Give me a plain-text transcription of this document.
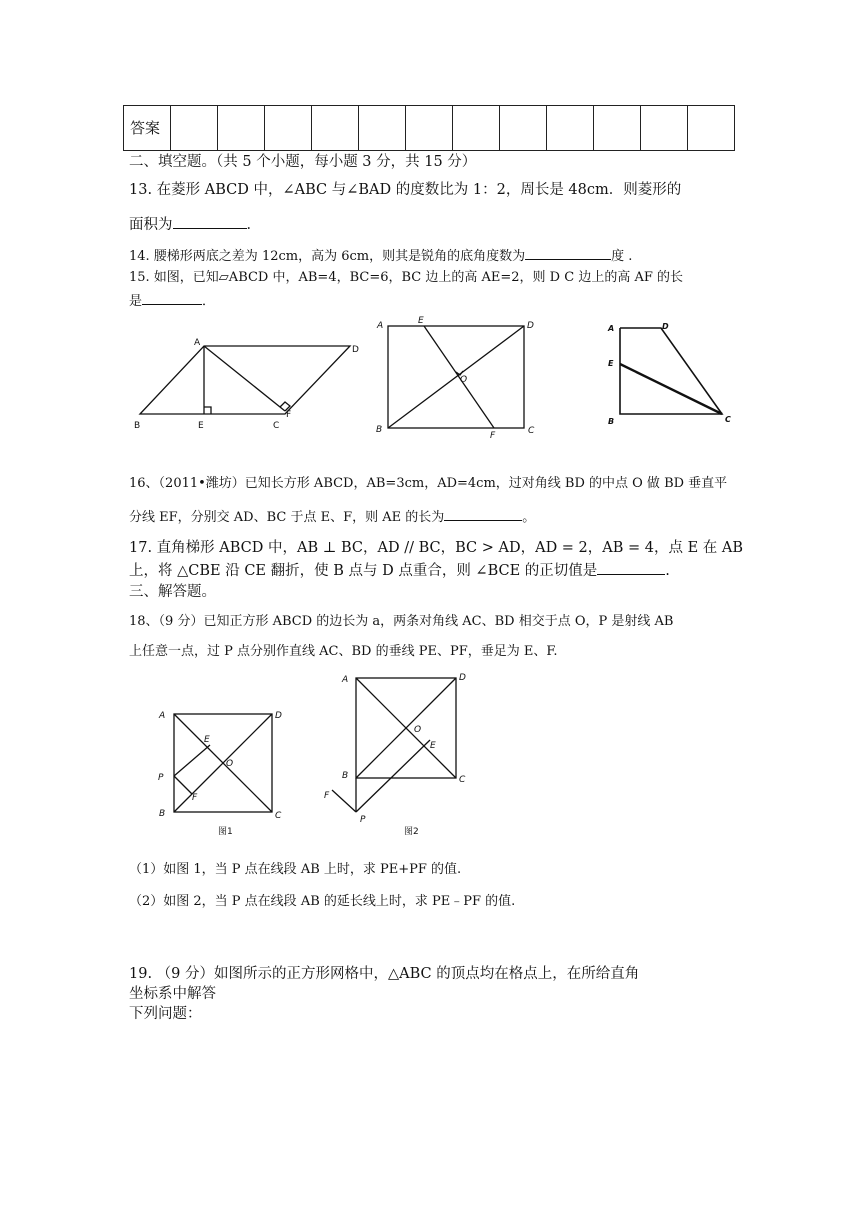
答案												
二、填空题。（共 5 个小题，每小题 3 分，共 15 分）
13. 在菱形 ABCD 中，∠ABC 与∠BAD 的度数比为 1：2，周长是 48cm．则菱形的
面积为	．
14. 腰梯形两底之差为 12cm，高为 6cm，则其是锐角的底角度数为	度 .
15. 如图，已知▱ABCD 中，AB=4，BC=6，BC 边上的高 AE=2，则 D C 边上的高 AF 的长
是	．
A
D
B	E	C
F
A	E	D
O
B
F	C
A	D
E
B	C
16、（2011•潍坊）已知长方形 ABCD，AB=3cm，AD=4cm，过对角线 BD 的中点 O 做 BD 垂直平
分线 EF，分别交 AD、BC 于点 E、F，则 AE 的长为	。
17. 直角梯形 ABCD 中，AB ⊥ BC，AD // BC，BC > AD，AD = 2，AB = 4，点 E 在 AB
上，将 △CBE 沿 CE 翻折，使 B 点与 D 点重合，则 ∠BCE 的正切值是	.
三、解答题。
18、（9 分）已知正方形 ABCD 的边长为 a，两条对角线 AC、BD 相交于点 O，P 是射线 AB
上任意一点，过 P 点分别作直线 AC、BD 的垂线 PE、PF，垂足为 E、F.
A	D
E
O
P
F
B	C
图1
A	D
O
E
B	C
F
P
图2
（1）如图 1，当 P 点在线段 AB 上时，求 PE+PF 的值.
（2）如图 2，当 P 点在线段 AB 的延长线上时，求 PE﹣PF 的值.
19. （9 分）如图所示的正方形网格中，△ABC 的顶点均在格点上，在所给直角
坐标系中解答
下列问题：
